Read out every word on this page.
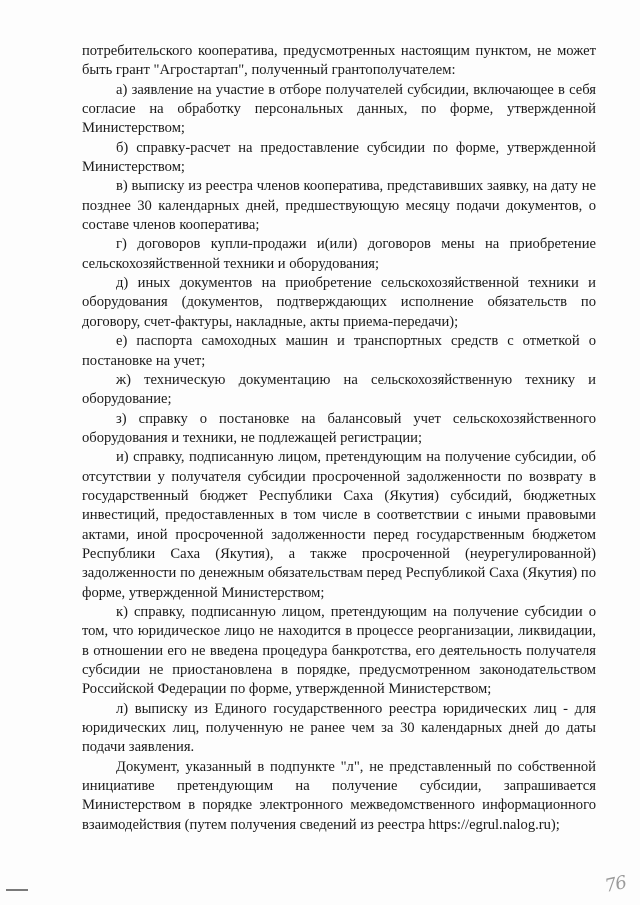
потребительского кооператива, предусмотренных настоящим пунктом, не может быть грант "Агростартап", полученный грантополучателем:

а) заявление на участие в отборе получателей субсидии, включающее в себя согласие на обработку персональных данных, по форме, утвержденной Министерством;

б) справку-расчет на предоставление субсидии по форме, утвержденной Министерством;

в) выписку из реестра членов кооператива, представивших заявку, на дату не позднее 30 календарных дней, предшествующую месяцу подачи документов, о составе членов кооператива;

г) договоров купли-продажи и(или) договоров мены на приобретение сельскохозяйственной техники и оборудования;

д) иных документов на приобретение сельскохозяйственной техники и оборудования (документов, подтверждающих исполнение обязательств по договору, счет-фактуры, накладные, акты приема-передачи);

е) паспорта самоходных машин и транспортных средств с отметкой о постановке на учет;

ж) техническую документацию на сельскохозяйственную технику и оборудование;

з) справку о постановке на балансовый учет сельскохозяйственного оборудования и техники, не подлежащей регистрации;

и) справку, подписанную лицом, претендующим на получение субсидии, об отсутствии у получателя субсидии просроченной задолженности по возврату в государственный бюджет Республики Саха (Якутия) субсидий, бюджетных инвестиций, предоставленных в том числе в соответствии с иными правовыми актами, иной просроченной задолженности перед государственным бюджетом Республики Саха (Якутия), а также просроченной (неурегулированной) задолженности по денежным обязательствам перед Республикой Саха (Якутия) по форме, утвержденной Министерством;

к) справку, подписанную лицом, претендующим на получение субсидии о том, что юридическое лицо не находится в процессе реорганизации, ликвидации, в отношении его не введена процедура банкротства, его деятельность получателя субсидии не приостановлена в порядке, предусмотренном законодательством Российской Федерации по форме, утвержденной Министерством;

л) выписку из Единого государственного реестра юридических лиц - для юридических лиц, полученную не ранее чем за 30 календарных дней до даты подачи заявления.

Документ, указанный в подпункте "л", не представленный по собственной инициативе претендующим на получение субсидии, запрашивается Министерством в порядке электронного межведомственного информационного взаимодействия (путем получения сведений из реестра https://egrul.nalog.ru);

76
